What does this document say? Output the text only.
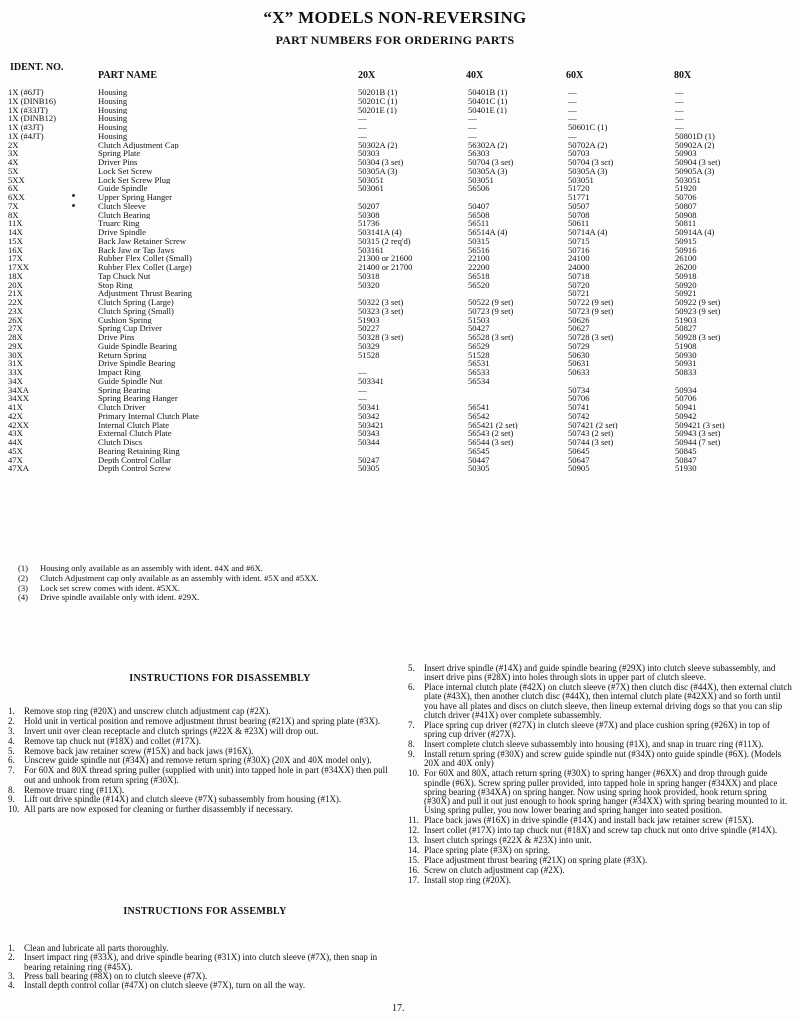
“X” MODELS NON-REVERSING
PART NUMBERS FOR ORDERING PARTS
IDENT. NO.
PART NAME	20X	40X	60X	80X
1X (#6JT)	Housing	50201B (1)	50401B (1)	—	—
1X (DINB16)	Housing	50201C (1)	50401C (1)	—	—
1X (#33JT)	Housing	50201E (1)	50401E (1)	—	—
1X (DINB12)	Housing	—	—	—	—
1X (#3JT)	Housing	—	—	50601C (1)	—
1X (#4JT)	Housing	—	—	—	50801D (1)
2X	Clutch Adjustment Cap	50302A (2)	56302A (2)	50702A (2)	50902A (2)
3X	Spring Plate	50303	56303	50703	50903
4X	Driver Pins	50304 (3 set)	50704 (3 set)	50704 (3 sct)	50904 (3 set)
5X	Lock Set Screw	50305A (3)	50305A (3)	50305A (3)	50905A (3)
5XX	Lock Set Screw Plug	503051	503051	503051	503051
6X	Guide Spindle	503061	56506	51720	51920
6XX	Upper Spring Hanger			51771	50706
7X	Clutch Sleeve	50207	50407	50507	50807
8X	Clutch Bearing	50308	56508	50708	50908
11X	Truarc Ring	51736	56511	50611	50811
14X	Drive Spindle	503141A (4)	56514A (4)	50714A (4)	50914A (4)
15X	Back Jaw Retainer Screw	50315 (2 req'd)	50315	50715	50915
16X	Back Jaw or Tap Jaws	503161	56516	50716	50916
17X	Rubber Flex Collet (Small)	21300 or 21600	22100	24100	26100
17XX	Rubber Flex Collet (Large)	21400 or 21700	22200	24000	26200
18X	Tap Chuck Nut	50318	56518	50718	50918
20X	Stop Ring	50320	56520	50720	50920
21X	Adjustment Thrust Bearing			50721	50921
22X	Clutch Spring (Large)	50322 (3 set)	50522 (9 set)	50722 (9 set)	50922 (9 set)
23X	Clutch Spring (Small)	50323 (3 set)	50723 (9 set)	50723 (9 set)	50923 (9 set)
26X	Cushion Spring	51903	51503	50626	51903
27X	Spring Cup Driver	50227	50427	50627	50827
28X	Drive Pins	50328 (3 set)	56528 (3 set)	50728 (3 set)	50928 (3 set)
29X	Guide Spindle Bearing	50329	56529	50729	51908
30X	Return Spring	51528	51528	50630	50930
31X	Drive Spindle Bearing		56531	50631	50931
33X	Impact Ring	—	56533	50633	50833
34X	Guide Spindle Nut	503341	56534		
34XA	Spring Bearing	—		50734	50934
34XX	Spring Bearing Hanger	—		50706	50706
41X	Clutch Driver	50341	56541	50741	50941
42X	Primary Internal Clutch Plate	50342	56542	50742	50942
42XX	Internal Clutch Plate	503421	565421 (2 set)	507421 (2 set)	509421 (3 set)
43X	External Clutch Plate	50343	56543 (2 set)	50743 (2 set)	50943 (3 set)
44X	Clutch Discs	50344	56544 (3 set)	50744 (3 set)	50944 (7 set)
45X	Bearing Retaining Ring		56545	50645	50845
47X	Depth Control Collar	50247	50447	50647	50847
47XA	Depth Control Screw	50305	50305	50905	51930
(1)	Housing only available as an assembly with ident. #4X and #6X.
(2)	Clutch Adjustment cap only available as an assembly with ident. #5X and #5XX.
(3)	Lock set screw comes with ident. #5XX.
(4)	Drive spindle available only with ident. #29X.
INSTRUCTIONS FOR DISASSEMBLY
1.	Remove stop ring (#20X) and unscrew clutch adjustment cap (#2X).
2.	Hold unit in vertical position and remove adjustment thrust bearing (#21X) and spring plate (#3X).
3.	Invert unit over clean receptacle and clutch springs (#22X & #23X) will drop out.
4.	Remove tap chuck nut (#18X) and collet (#17X).
5.	Remove back jaw retainer screw (#15X) and back jaws (#16X).
6.	Unscrew guide spindle nut (#34X) and remove return spring (#30X) (20X and 40X model only).
7.	For 60X and 80X thread spring puller (supplied with unit) into tapped hole in part (#34XX) then pull out and unhook from return spring (#30X).
8.	Remove truarc ring (#11X).
9.	Lift out drive spindle (#14X) and clutch sleeve (#7X) subassembly from housing (#1X).
10. All parts are now exposed for cleaning or further disassembly if necessary.
INSTRUCTIONS FOR ASSEMBLY
1.	Clean and lubricate all parts thoroughly.
2.	Insert impact ring (#33X), and drive spindle bearing (#31X) into clutch sleeve (#7X), then snap in bearing retaining ring (#45X).
3.	Press ball bearing (#8X) on to clutch sleeve (#7X).
4.	Install depth control collar (#47X) on clutch sleeve (#7X), turn on all the way.
5.	Insert drive spindle (#14X) and guide spindle bearing (#29X) into clutch sleeve subassembly, and insert drive pins (#28X) into holes through slots in upper part of clutch sleeve.
6.	Place internal clutch plate (#42X) on clutch sleeve (#7X) then clutch disc (#44X), then external clutch plate (#43X), then another clutch disc (#44X), then internal clutch plate (#42XX) and so forth until you have all plates and discs on clutch sleeve, then lineup external driving dogs so that you can slip clutch driver (#41X) over complete subassembly.
7.	Place spring cup driver (#27X) in clutch sleeve (#7X) and place cushion spring (#26X) in top of spring cup driver (#27X).
8.	Insert complete clutch sleeve subassembly into housing (#1X), and snap in truarc ring (#11X).
9.	Install return spring (#30X) and screw guide spindle nut (#34X) onto guide spindle (#6X). (Models 20X and 40X only)
10. For 60X and 80X, attach return spring (#30X) to spring hanger (#6XX) and drop through guide spindle (#6X). Screw spring puller provided, into tapped hole in spring hanger (#34XX) and place spring bearing (#34XA) on spring hanger. Now using spring hook provided, hook return spring (#30X) and pull it out just enough to hook spring hanger (#34XX) with spring bearing mounted to it. Using spring puller, you now lower bearing and spring hanger into seated position.
11. Place back jaws (#16X) in drive spindle (#14X) and install back jaw retainer screw (#15X).
12. Insert collet (#17X) into tap chuck nut (#18X) and screw tap chuck nut onto drive spindle (#14X).
13. Insert clutch springs (#22X & #23X) into unit.
14. Place spring plate (#3X) on spring.
15. Place adjustment thrust bearing (#21X) on spring plate (#3X).
16. Screw on clutch adjustment cap (#2X).
17. Install stop ring (#20X).
17.
